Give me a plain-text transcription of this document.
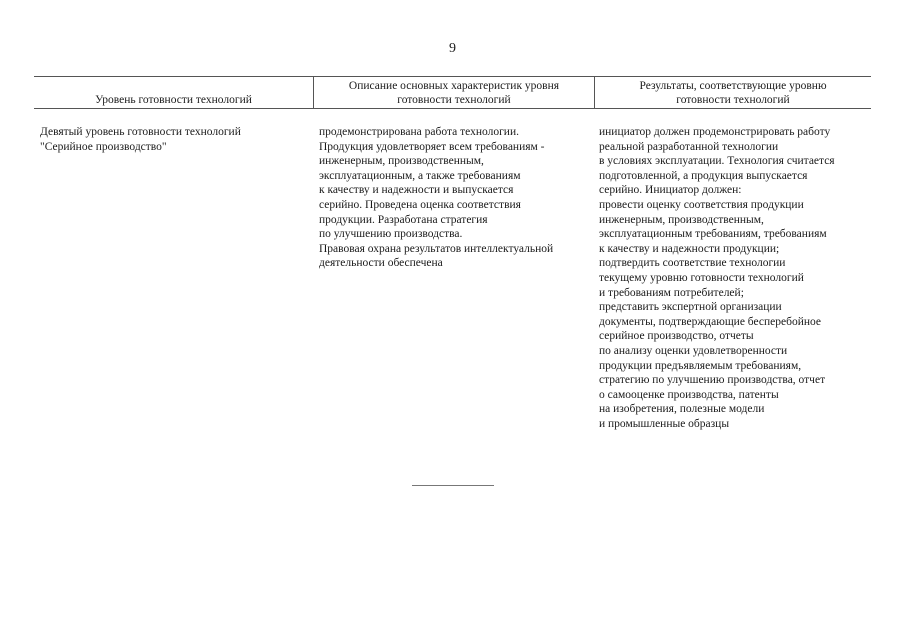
9
Уровень готовности технологий
Описание основных характеристик уровня
готовности технологий
Результаты, соответствующие уровню
готовности технологий
Девятый уровень готовности технологий
"Серийное производство"
продемонстрирована работа технологии.
Продукция удовлетворяет всем требованиям -
инженерным, производственным,
эксплуатационным, а также требованиям
к качеству и надежности и выпускается
серийно. Проведена оценка соответствия
продукции. Разработана стратегия
по улучшению производства.
Правовая охрана результатов интеллектуальной
деятельности обеспечена
инициатор должен продемонстрировать работу
реальной разработанной технологии
в условиях эксплуатации. Технология считается
подготовленной, а продукция выпускается
серийно. Инициатор должен:
провести оценку соответствия продукции
инженерным, производственным,
эксплуатационным требованиям, требованиям
к качеству и надежности продукции;
подтвердить соответствие технологии
текущему уровню готовности технологий
и требованиям потребителей;
представить экспертной организации
документы, подтверждающие бесперебойное
серийное производство, отчеты
по анализу оценки удовлетворенности
продукции предъявляемым требованиям,
стратегию по улучшению производства, отчет
о самооценке производства, патенты
на изобретения, полезные модели
и промышленные образцы
